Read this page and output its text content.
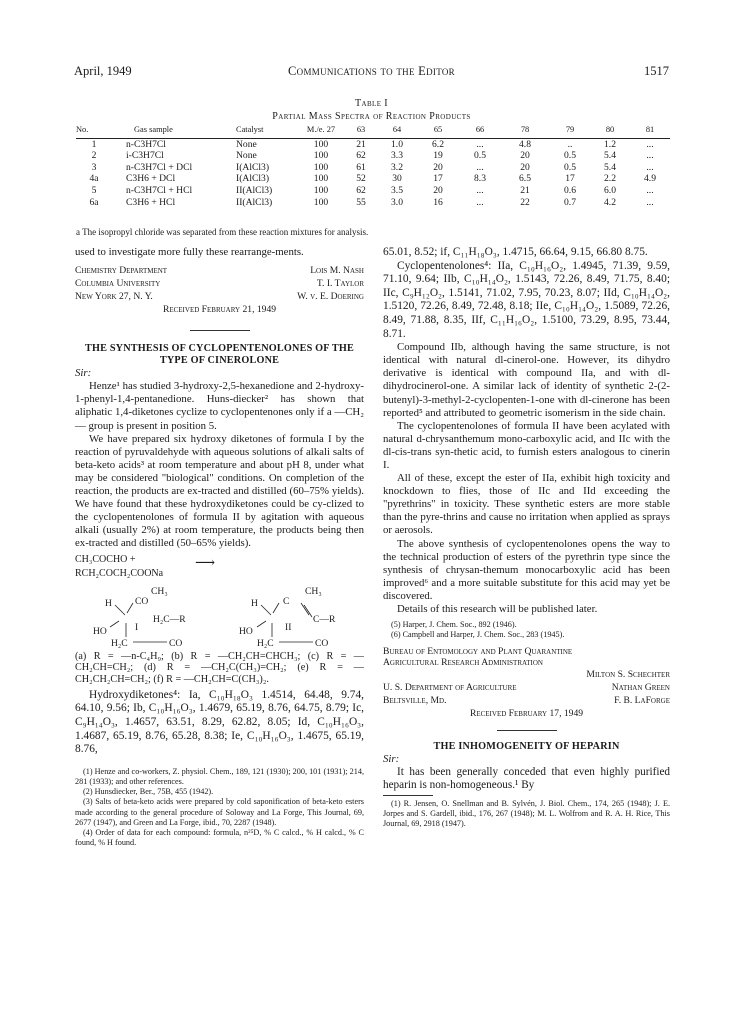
April, 1949	Communications to the Editor	1517
Table I
Partial Mass Spectra of Reaction Products
No.	Gas sample	Catalyst	M./e. 27	63	64	65	66	78	79	80	81
1	n-C3H7Cl	None	100	21	1.0	6.2	...	4.8	..	1.2	...
2	i-C3H7Cl	None	100	62	3.3	19	0.5	20	0.5	5.4	...
3	n-C3H7Cl + DCl	I(AlCl3)	100	61	3.2	20	...	20	0.5	5.4	...
4a	C3H6 + DCl	I(AlCl3)	100	52	30	17	8.3	6.5	17	2.2	4.9
5	n-C3H7Cl + HCl	II(AlCl3)	100	62	3.5	20	...	21	0.6	6.0	...
6a	C3H6 + HCl	II(AlCl3)	100	55	3.0	16	...	22	0.7	4.2	...
a The isopropyl chloride was separated from these reaction mixtures for analysis.

used to investigate more fully these rearrange-ments.

Chemistry Department	Lois M. Nash
Columbia University	T. I. Taylor
New York 27, N. Y.	W. v. E. Doering
Received February 21, 1949
THE SYNTHESIS OF CYCLOPENTENOLONES OF THE TYPE OF CINEROLONE

Sir:

Henze¹ has studied 3-hydroxy-2,5-hexanedione and 2-hydroxy-1-phenyl-1,4-pentanedione. Huns-diecker² has shown that aliphatic 1,4-diketones cyclize to cyclopentenones only if a —CH₂— group is present in position 5.

We have prepared six hydroxy diketones of formula I by the reaction of pyruvaldehyde with aqueous solutions of alkali salts of beta-keto acids³ at room temperature and about pH 8, under what may be considered "biological" conditions. On completion of the reaction, the products are ex-tracted and distilled (60–75% yields). We have found that these hydroxydiketones could be cy-clized to the cyclopentenolones of formula II by agitation with aqueous alkali (usually 2%) at room temperature, the products being then ex-tracted and distilled (50–65% yields).

CH₃COCHO +
RCH₂COCH₂COONa
⟶
CH₃	CH₃
H CO
H₂C—R
HO	I
H₂C	CO
H	C
C—R
HO	II
H₂C	CO

(a) R = —n-C₄H₉; (b) R = —CH₂CH=CHCH₃; (c) R = —CH₂CH=CH₂; (d) R = —CH₂C(CH₃)=CH₂; (e) R = —CH₂CH₂CH=CH₂; (f) R = —CH₂CH=C(CH₃)₂.

Hydroxydiketones⁴: Ia, C₁₀H₁₈O₃ 1.4514, 64.48, 9.74, 64.10, 9.56; Ib, C₁₀H₁₆O₃, 1.4679, 65.19, 8.76, 64.75, 8.79; Ic, C₉H₁₄O₃, 1.4657, 63.51, 8.29, 62.82, 8.05; Id, C₁₀H₁₆O₃, 1.4687, 65.19, 8.76, 65.28, 8.38; Ie, C₁₀H₁₆O₃, 1.4675, 65.19, 8.76,

(1) Henze and co-workers, Z. physiol. Chem., 189, 121 (1930); 200, 101 (1931); 214, 281 (1933); and other references.

(2) Hunsdiecker, Ber., 75B, 455 (1942).

(3) Salts of beta-keto acids were prepared by cold saponification of beta-keto esters made according to the general procedure of Soloway and La Forge, This Journal, 69, 2677 (1947), and Green and La Forge, ibid., 70, 2287 (1948).

(4) Order of data for each compound: formula, n²⁵D, % C calcd., % H calcd., % C found, % H found.

65.01, 8.52; if, C₁₁H₁₈O₃, 1.4715, 66.64, 9.15, 66.80 8.75.

Cyclopentenolones⁴: IIa, C₁₀H₁₆O₂, 1.4945, 71.39, 9.59, 71.10, 9.64; IIb, C₁₀H₁₄O₂, 1.5143, 72.26, 8.49, 71.75, 8.40; IIc, C₉H₁₂O₂, 1.5141, 71.02, 7.95, 70.23, 8.07; IId, C₁₀H₁₄O₂, 1.5120, 72.26, 8.49, 72.48, 8.18; IIe, C₁₀H₁₄O₂, 1.5089, 72.26, 8.49, 71.88, 8.35, IIf, C₁₁H₁₆O₂, 1.5100, 73.29, 8.95, 73.44, 8.71.

Compound IIb, although having the same structure, is not identical with natural dl-cinerol-one. However, its dihydro derivative is identical with compound IIa, and with dl-dihydrocinerol-one. A similar lack of identity of synthetic 2-(2-butenyl)-3-methyl-2-cyclopenten-1-one with dl-cinerone has been reported⁵ and attributed to geometric isomerism in the side chain.

The cyclopentenolones of formula II have been acylated with natural d-chrysanthemum mono-carboxylic acid, and IIc with the dl-cis-trans syn-thetic acid, to furnish esters analogous to cinerin I.

All of these, except the ester of IIa, exhibit high toxicity and knockdown to flies, those of IIc and IId exceeding the "pyrethrins" in toxicity. These synthetic esters are more stable than the pyre-thrins and cause no irritation when applied as sprays or aerosols.

The above synthesis of cyclopentenolones opens the way to the technical production of esters of the pyrethrin type since the synthesis of chrysan-themum monocarboxylic acid has been improved⁶ and a more suitable substitute for this acid may yet be discovered.

Details of this research will be published later.

(5) Harper, J. Chem. Soc., 892 (1946).

(6) Campbell and Harper, J. Chem. Soc., 283 (1945).

Bureau of Entomology and Plant Quarantine
Agricultural Research Administration
Milton S. Schechter
U. S. Department of Agriculture	Nathan Green
Beltsville, Md.	F. B. LaForge
Received February 17, 1949
THE INHOMOGENEITY OF HEPARIN

Sir:

It has been generally conceded that even highly purified heparin is non-homogeneous.¹ By

(1) R. Jensen, O. Snellman and B. Sylvén, J. Biol. Chem., 174, 265 (1948); J. E. Jorpes and S. Gardell, ibid., 176, 267 (1948); M. L. Wolfrom and R. A. H. Rice, This Journal, 69, 2918 (1947).
